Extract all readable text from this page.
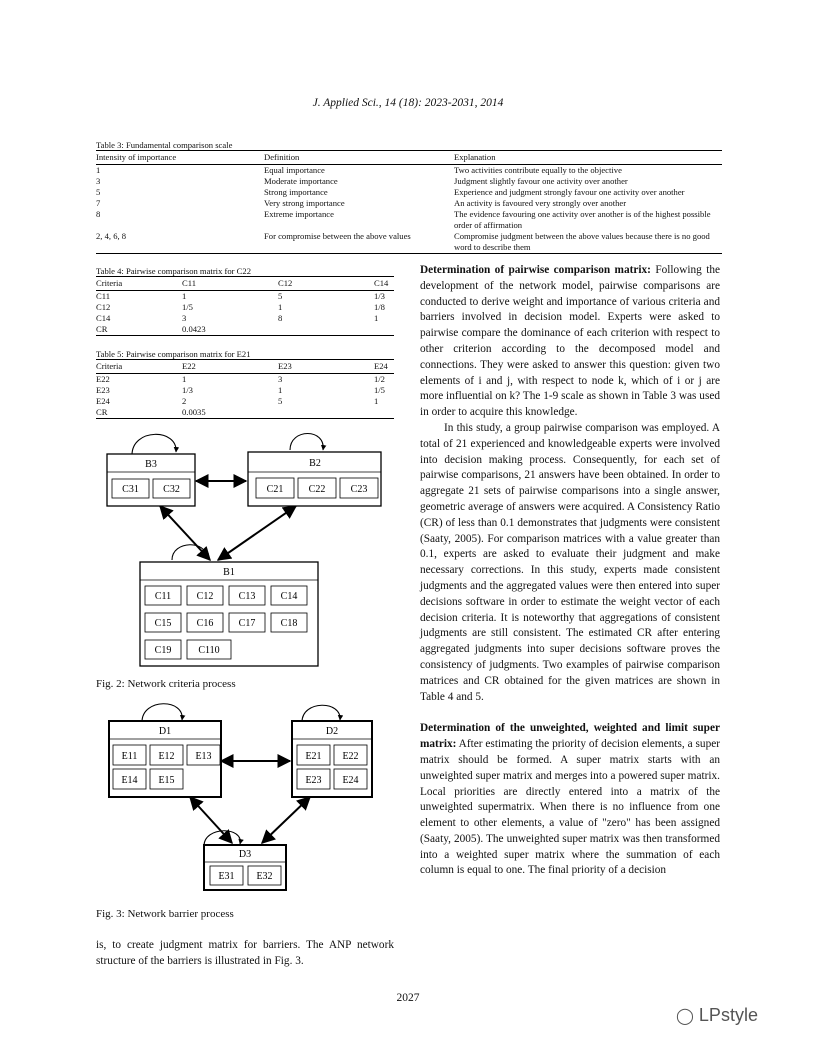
J. Applied Sci., 14 (18): 2023-2031, 2014
Table 3: Fundamental comparison scale
Intensity of importance	Definition	Explanation
1	Equal importance	Two activities contribute equally to the objective
3	Moderate importance	Judgment slightly favour one activity over another
5	Strong importance	Experience and judgment strongly favour one activity over another
7	Very strong importance	An activity is favoured very strongly over another
8	Extreme importance	The evidence favouring one activity over another is of the highest possible order of affirmation
2, 4, 6, 8	For compromise between the above values	Compromise judgment between the above values because there is no good word to describe them
Table 4: Pairwise comparison matrix for C22
Criteria	C11	C12	C14
C11	1	5	1/3
C12	1/5	1	1/8
C14	3	8	1
CR	0.0423		
Table 5: Pairwise comparison matrix for E21
Criteria	E22	E23	E24
E22	1	3	1/2
E23	1/3	1	1/5
E24	2	5	1
CR	0.0035		
B3
C31 C32
B2
C21	C22	C23
B1
C11	C12	C13	C14
C15	C16	C17	C18
C19	C110
Fig. 2: Network criteria process
D1
E11 E12 E13
E14 E15
D2
E21 E22
E23 E24
D3
E31 E32
Fig. 3: Network barrier process

is, to create judgment matrix for barriers. The ANP network structure of the barriers is illustrated in Fig. 3.

Determination of pairwise comparison matrix: Following the development of the network model, pairwise comparisons are conducted to derive weight and importance of various criteria and barriers involved in decision model. Experts were asked to pairwise compare the dominance of each criterion with respect to other criterion according to the decomposed model and connections. They were asked to answer this question: given two elements of i and j, with respect to node k, which of i or j are more influential on k? The 1-9 scale as shown in Table 3 was used in order to acquire this knowledge.

In this study, a group pairwise comparison was employed. A total of 21 experienced and knowledgeable experts were involved into decision making process. Consequently, for each set of pairwise comparisons, 21 answers have been obtained. In order to aggregate 21 sets of pairwise comparisons into a single answer, geometric average of answers were acquired. A Consistency Ratio (CR) of less than 0.1 demonstrates that judgments were consistent (Saaty, 2005). For comparison matrices with a value greater than 0.1, experts are asked to evaluate their judgment and make necessary corrections. In this study, experts made consistent judgments and the aggregated values were then entered into super decisions software in order to estimate the weight vector of each decision criteria. It is noteworthy that aggregations of consistent judgments are still consistent. The estimated CR after entering aggregated judgments into super decisions software proves the consistency of judgments. Two examples of pairwise comparison matrices and CR obtained for the given matrices are shown in Table 4 and 5.

Determination of the unweighted, weighted and limit super matrix: After estimating the priority of decision elements, a super matrix should be formed. A super matrix starts with an unweighted super matrix and merges into a powered super matrix. Local priorities are directly entered into a matrix of the unweighted supermatrix. When there is no influence from one element to other elements, a value of "zero" has been assigned (Saaty, 2005). The unweighted super matrix was then transformed into a weighted super matrix where the summation of each column is equal to one. The final priority of a decision

2027
◯ LPstyle
